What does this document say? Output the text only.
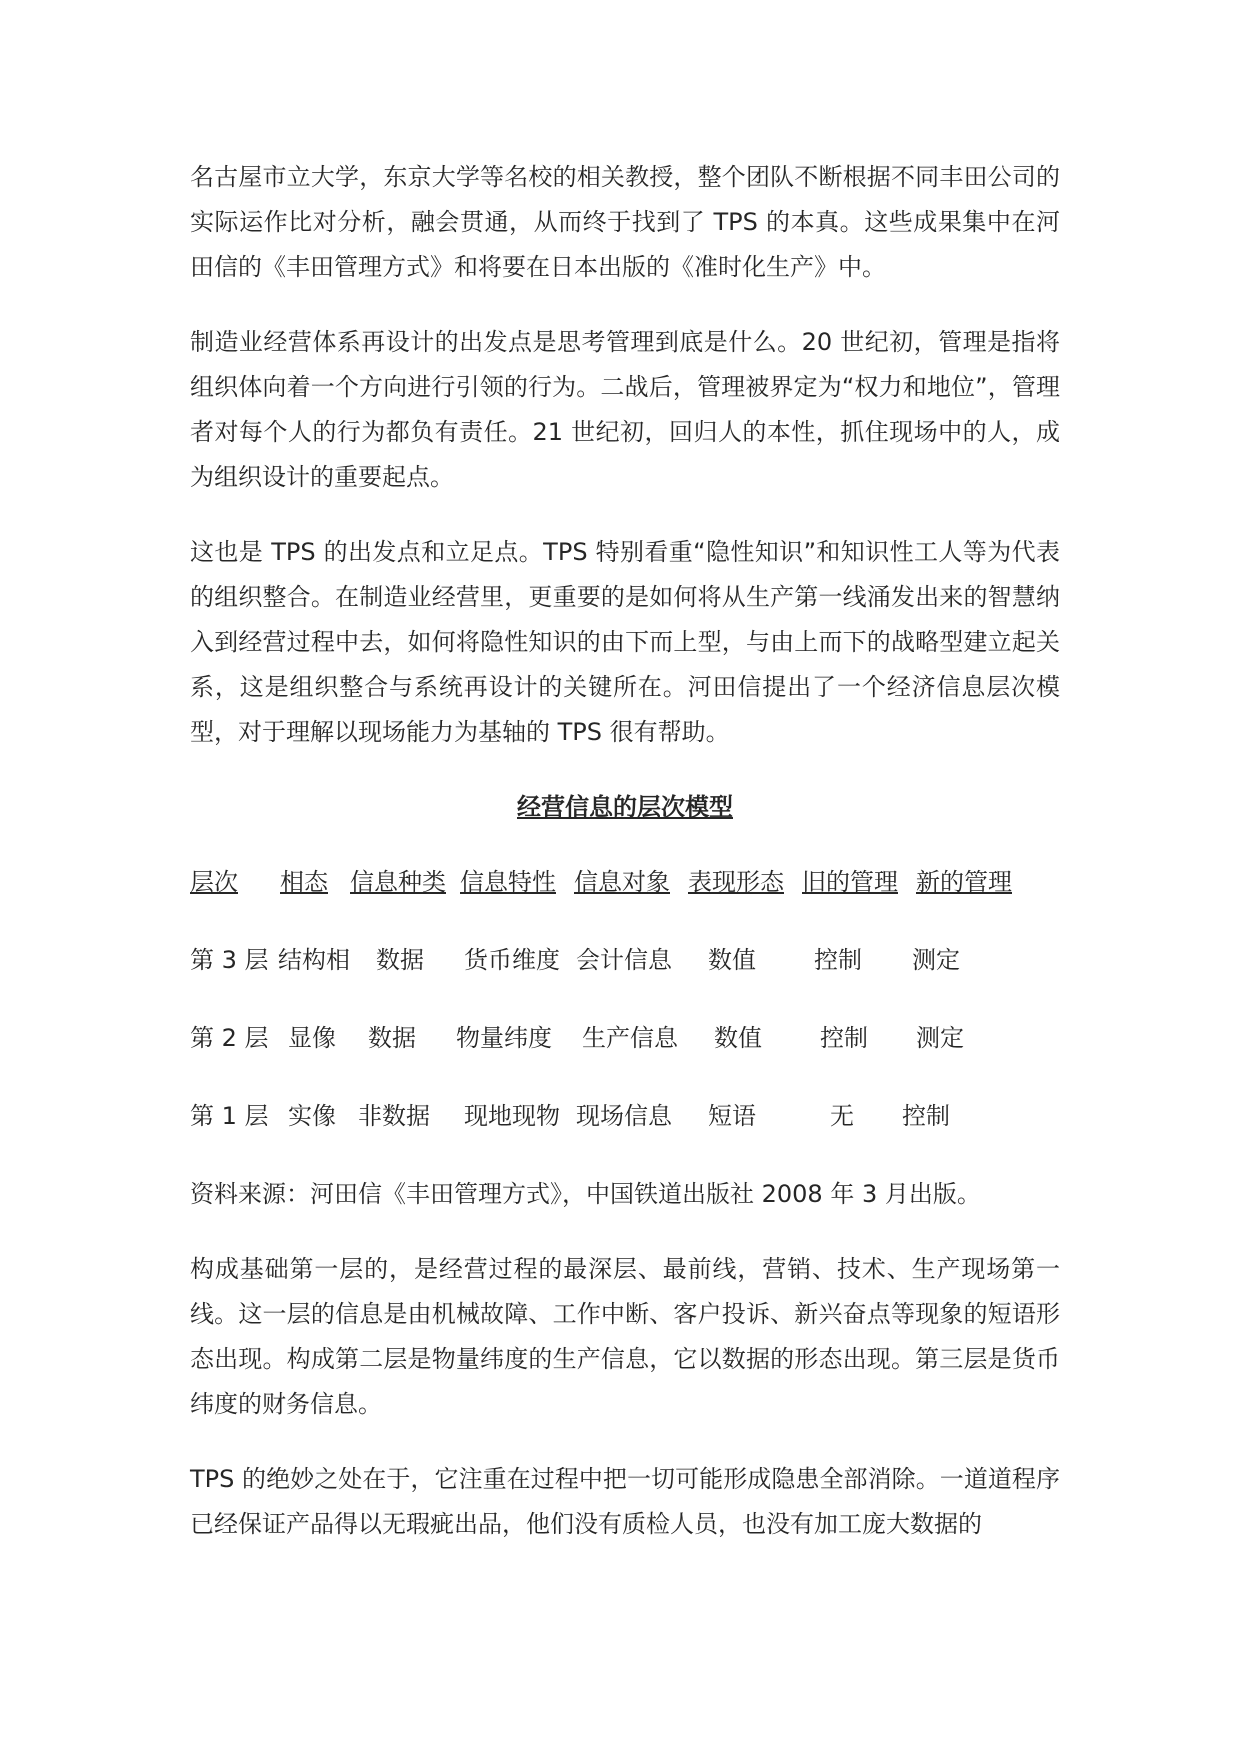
名古屋市立大学，东京大学等名校的相关教授，整个团队不断根据不同丰田公司的实际运作比对分析，融会贯通，从而终于找到了 TPS 的本真。这些成果集中在河田信的《丰田管理方式》和将要在日本出版的《准时化生产》中。

制造业经营体系再设计的出发点是思考管理到底是什么。20 世纪初，管理是指将组织体向着一个方向进行引领的行为。二战后，管理被界定为“权力和地位”，管理者对每个人的行为都负有责任。21 世纪初，回归人的本性，抓住现场中的人，成为组织设计的重要起点。

这也是 TPS 的出发点和立足点。TPS 特别看重“隐性知识”和知识性工人等为代表的组织整合。在制造业经营里，更重要的是如何将从生产第一线涌发出来的智慧纳入到经营过程中去，如何将隐性知识的由下而上型，与由上而下的战略型建立起关系，这是组织整合与系统再设计的关键所在。河田信提出了一个经济信息层次模型，对于理解以现场能力为基轴的 TPS 很有帮助。

经营信息的层次模型
层次 相态 信息种类 信息特性 信息对象 表现形态 旧的管理 新的管理
第 3 层 结构相 数据 货币维度 会计信息 数值 控制 测定
第 2 层 显像 数据 物量纬度 生产信息 数值 控制 测定
第 1 层 实像 非数据 现地现物 现场信息 短语	无 控制

资料来源：河田信《丰田管理方式》，中国铁道出版社 2008 年 3 月出版。

构成基础第一层的，是经营过程的最深层、最前线，营销、技术、生产现场第一线。这一层的信息是由机械故障、工作中断、客户投诉、新兴奋点等现象的短语形态出现。构成第二层是物量纬度的生产信息，它以数据的形态出现。第三层是货币纬度的财务信息。

TPS 的绝妙之处在于，它注重在过程中把一切可能形成隐患全部消除。一道道程序已经保证产品得以无瑕疵出品，他们没有质检人员，也没有加工庞大数据的
